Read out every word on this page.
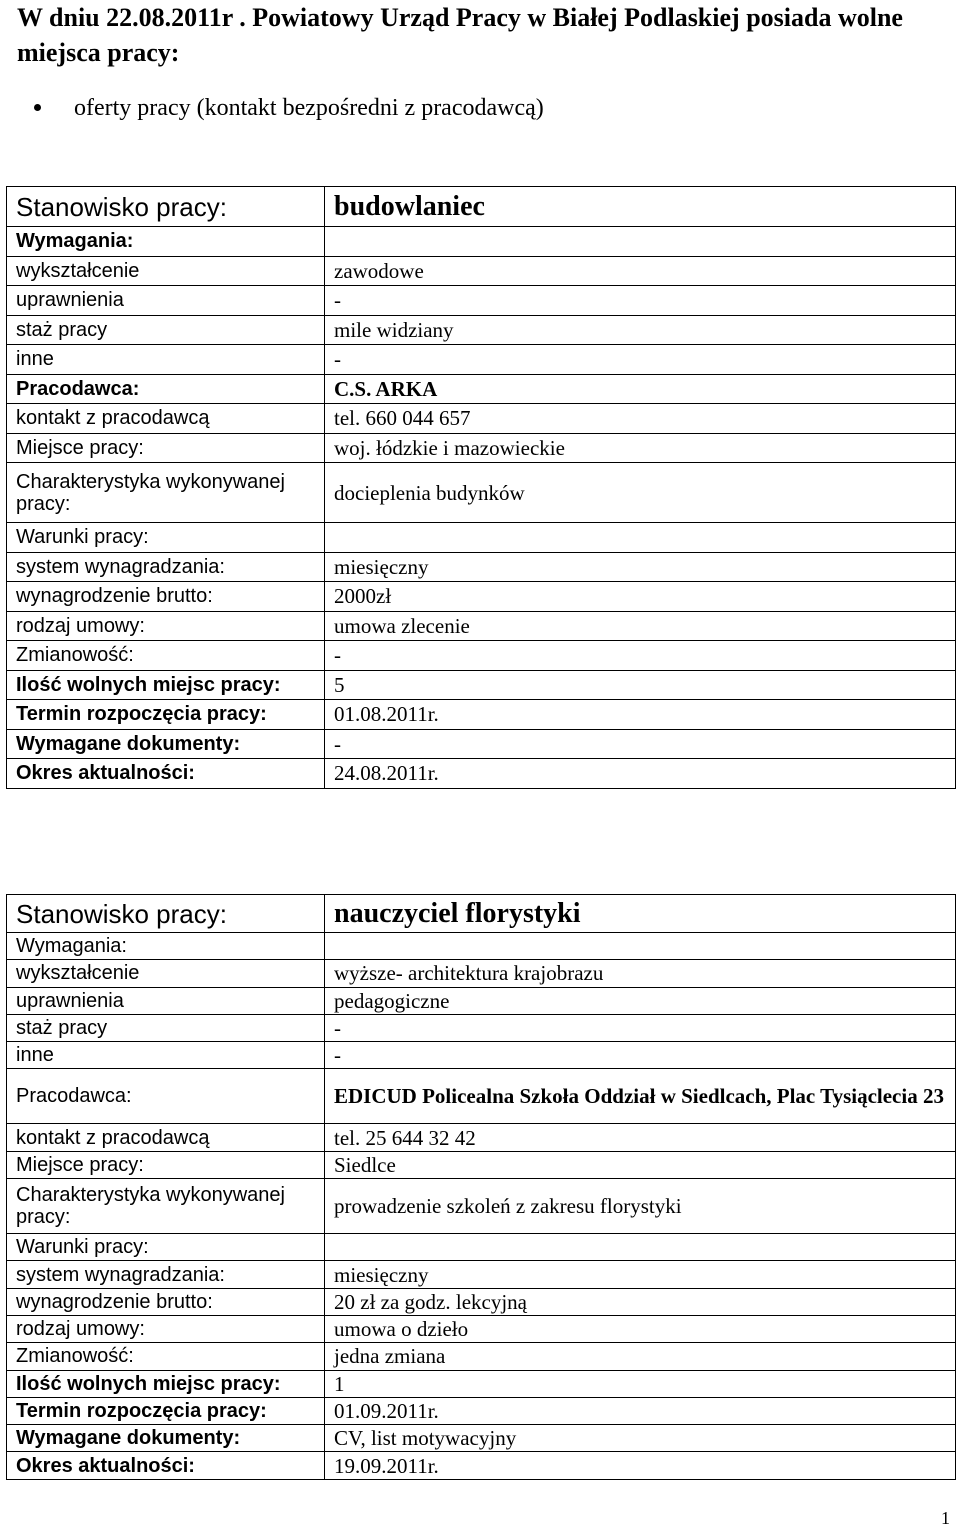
W dniu 22.08.2011r . Powiatowy Urząd Pracy w Białej Podlaskiej posiada wolne miejsca pracy:
oferty pracy (kontakt bezpośredni z pracodawcą)
Stanowisko pracy:	budowlaniec
Wymagania:	
wykształcenie	zawodowe
uprawnienia	-
staż pracy	mile widziany
inne	-
Pracodawca:	C.S. ARKA
kontakt z pracodawcą	tel. 660 044 657
Miejsce pracy:	woj. łódzkie i mazowieckie
Charakterystyka wykonywanej pracy:	docieplenia budynków
Warunki pracy:	
system wynagradzania:	miesięczny
wynagrodzenie brutto:	2000zł
rodzaj umowy:	umowa zlecenie
Zmianowość:	-
Ilość wolnych miejsc pracy:	5
Termin rozpoczęcia pracy:	01.08.2011r.
Wymagane dokumenty:	-
Okres aktualności:	24.08.2011r.
Stanowisko pracy:	nauczyciel florystyki
Wymagania:	
wykształcenie	wyższe- architektura krajobrazu
uprawnienia	pedagogiczne
staż pracy	-
inne	-
Pracodawca:	EDICUD Policealna Szkoła Oddział w Siedlcach, Plac Tysiąclecia 23
kontakt z pracodawcą	tel. 25 644 32 42
Miejsce pracy:	Siedlce
Charakterystyka wykonywanej pracy:	prowadzenie szkoleń z zakresu florystyki
Warunki pracy:	
system wynagradzania:	miesięczny
wynagrodzenie brutto:	20 zł za godz. lekcyjną
rodzaj umowy:	umowa o dzieło
Zmianowość:	jedna zmiana
Ilość wolnych miejsc pracy:	1
Termin rozpoczęcia pracy:	01.09.2011r.
Wymagane dokumenty:	CV, list motywacyjny
Okres aktualności:	19.09.2011r.
1
